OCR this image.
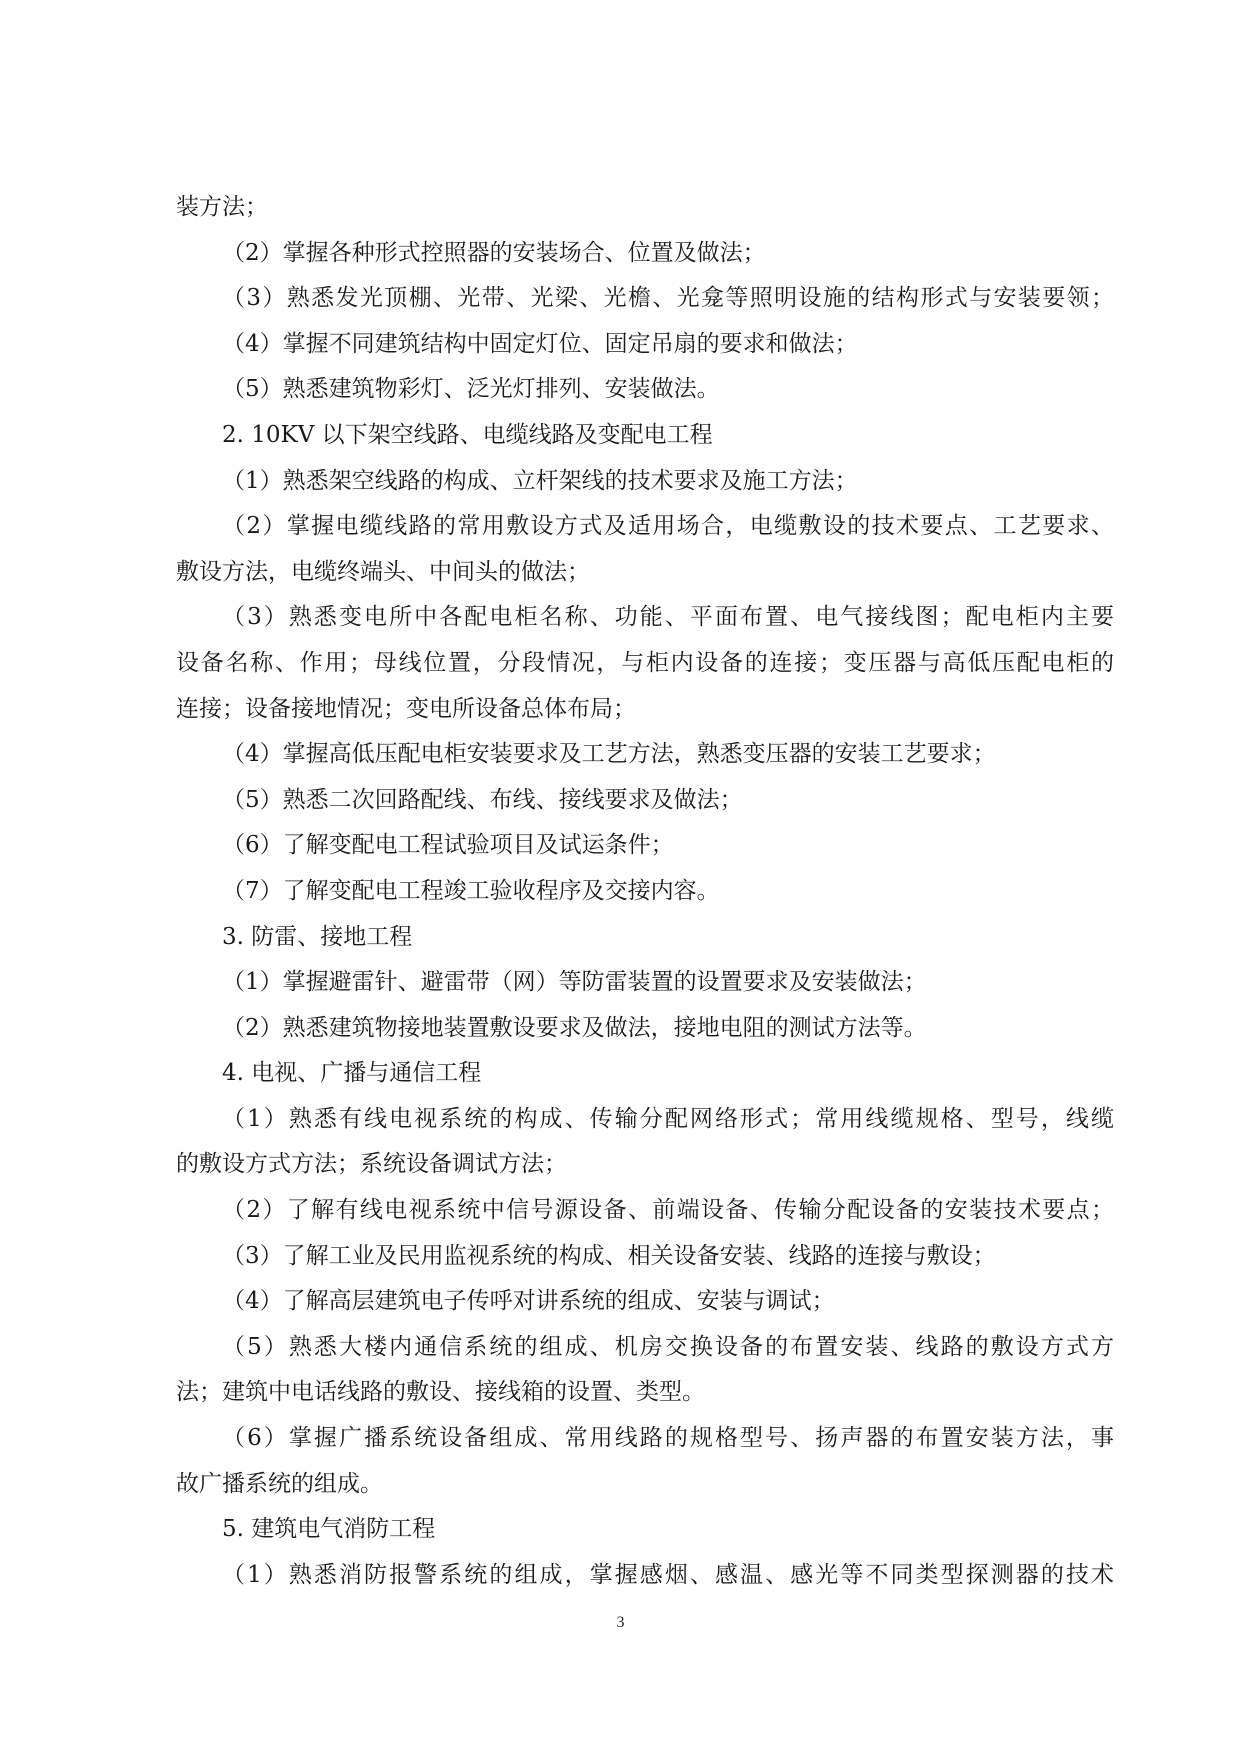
装方法；
（2）掌握各种形式控照器的安装场合、位置及做法；
（3）熟悉发光顶棚、光带、光梁、光檐、光龛等照明设施的结构形式与安装要领；
（4）掌握不同建筑结构中固定灯位、固定吊扇的要求和做法；
（5）熟悉建筑物彩灯、泛光灯排列、安装做法。
2. 10KV 以下架空线路、电缆线路及变配电工程
（1）熟悉架空线路的构成、立杆架线的技术要求及施工方法；
（2）掌握电缆线路的常用敷设方式及适用场合，电缆敷设的技术要点、工艺要求、
敷设方法，电缆终端头、中间头的做法；
（3）熟悉变电所中各配电柜名称、功能、平面布置、电气接线图；配电柜内主要
设备名称、作用；母线位置，分段情况，与柜内设备的连接；变压器与高低压配电柜的
连接；设备接地情况；变电所设备总体布局；
（4）掌握高低压配电柜安装要求及工艺方法，熟悉变压器的安装工艺要求；
（5）熟悉二次回路配线、布线、接线要求及做法；
（6）了解变配电工程试验项目及试运条件；
（7）了解变配电工程竣工验收程序及交接内容。
3. 防雷、接地工程
（1）掌握避雷针、避雷带（网）等防雷装置的设置要求及安装做法；
（2）熟悉建筑物接地装置敷设要求及做法，接地电阻的测试方法等。
4. 电视、广播与通信工程
（1）熟悉有线电视系统的构成、传输分配网络形式；常用线缆规格、型号，线缆
的敷设方式方法；系统设备调试方法；
（2）了解有线电视系统中信号源设备、前端设备、传输分配设备的安装技术要点；
（3）了解工业及民用监视系统的构成、相关设备安装、线路的连接与敷设；
（4）了解高层建筑电子传呼对讲系统的组成、安装与调试；
（5）熟悉大楼内通信系统的组成、机房交换设备的布置安装、线路的敷设方式方
法；建筑中电话线路的敷设、接线箱的设置、类型。
（6）掌握广播系统设备组成、常用线路的规格型号、扬声器的布置安装方法，事
故广播系统的组成。
5. 建筑电气消防工程
（1）熟悉消防报警系统的组成，掌握感烟、感温、感光等不同类型探测器的技术
3
